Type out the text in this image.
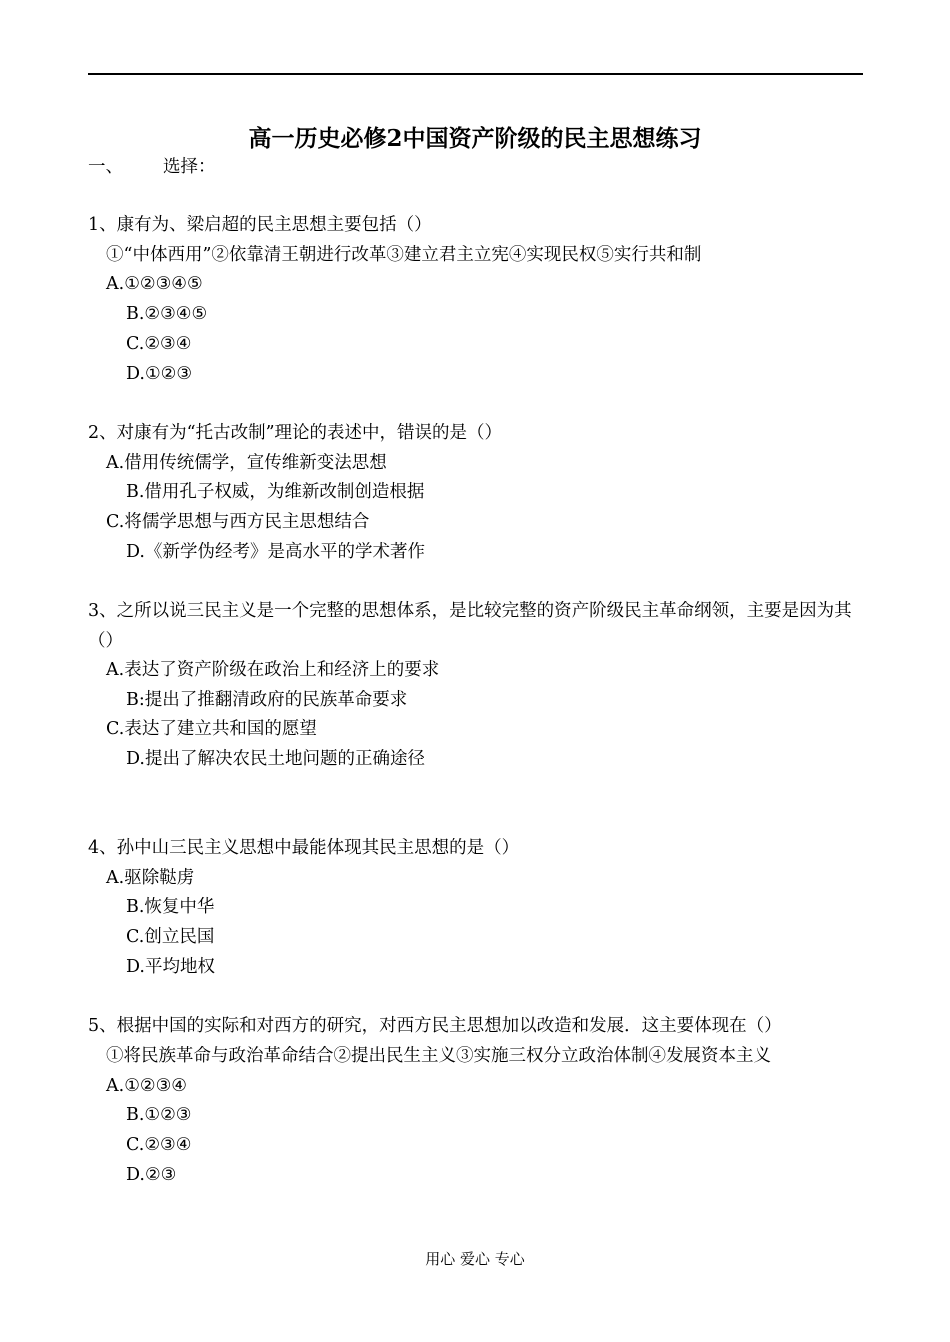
高一历史必修2中国资产阶级的民主思想练习

一、 选择：

1、康有为、梁启超的民主思想主要包括（）

①“中体西用”②依靠清王朝进行改革③建立君主立宪④实现民权⑤实行共和制

A.①②③④⑤

B.②③④⑤

C.②③④

D.①②③

2、对康有为“托古改制”理论的表述中，错误的是（）

A.借用传统儒学，宣传维新变法思想

B.借用孔子权威，为维新改制创造根据

C.将儒学思想与西方民主思想结合

D.《新学伪经考》是高水平的学术著作

3、之所以说三民主义是一个完整的思想体系，是比较完整的资产阶级民主革命纲领，主要是因为其（）

A.表达了资产阶级在政治上和经济上的要求

B:提出了推翻清政府的民族革命要求

C.表达了建立共和国的愿望

D.提出了解决农民土地问题的正确途径

4、孙中山三民主义思想中最能体现其民主思想的是（）

A.驱除鞑虏

B.恢复中华

C.创立民国

D.平均地权

5、根据中国的实际和对西方的研究，对西方民主思想加以改造和发展．这主要体现在（）

①将民族革命与政治革命结合②提出民生主义③实施三权分立政治体制④发展资本主义

A.①②③④

B.①②③

C.②③④

D.②③

用心 爱心 专心
